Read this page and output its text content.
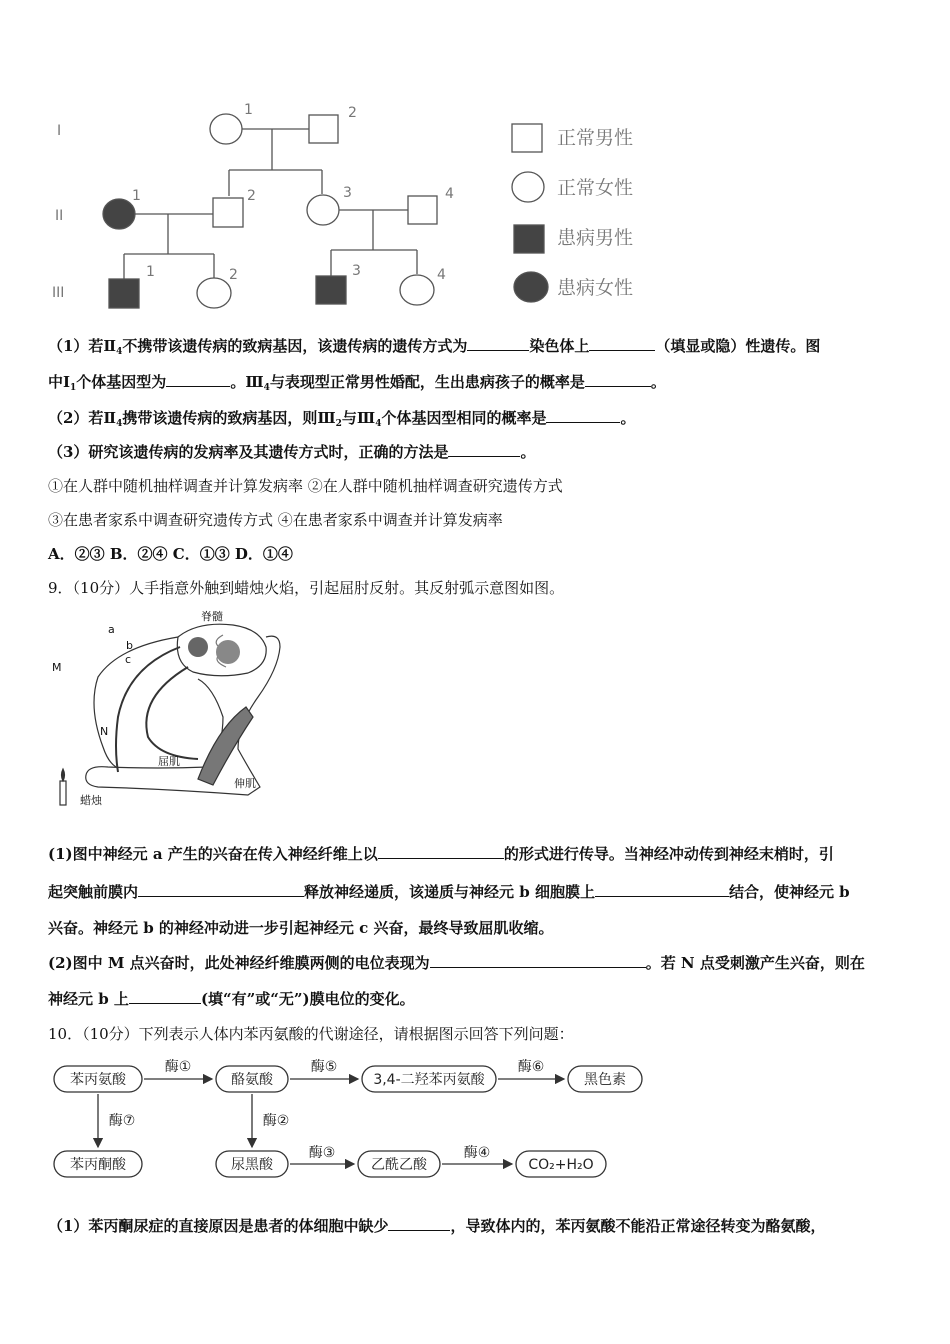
I
II
III
1	2
1	2	3	4
1	2	3	4
正常男性
正常女性
患病男性
患病女性
（1）若$Ⅱ_4$不携带该遗传病的致病基因，该遗传病的遗传方式为	染色体上	（填显或隐）性遗传。图
中$Ⅰ_1$个体基因型为	。$Ⅲ_4$与表现型正常男性婚配，生出患病孩子的概率是	。
（2）若$Ⅱ_4$携带该遗传病的致病基因，则$Ⅲ_2$与$Ⅲ_4$个体基因型相同的概率是	。
（3）研究该遗传病的发病率及其遗传方式时，正确的方法是	。
①在人群中随机抽样调查并计算发病率 ②在人群中随机抽样调查研究遗传方式
③在患者家系中调查研究遗传方式 ④在患者家系中调查并计算发病率
A．②③ B．②④ C．①③ D．①④
9．（10分）人手指意外触到蜡烛火焰，引起屈肘反射。其反射弧示意图如图。
脊髓
a
b
c
M
N
屈肌
伸肌
蜡烛
(1)图中神经元 a 产生的兴奋在传入神经纤维上以	的形式进行传导。当神经冲动传到神经末梢时，引
起突触前膜内	释放神经递质，该递质与神经元 b 细胞膜上	结合，使神经元 b
兴奋。神经元 b 的神经冲动进一步引起神经元 c 兴奋，最终导致屈肌收缩。
(2)图中 M 点兴奋时，此处神经纤维膜两侧的电位表现为	。若 N 点受刺激产生兴奋，则在
神经元 b 上	(填“有”或“无”)膜电位的变化。
10．（10分）下列表示人体内苯丙氨酸的代谢途径，请根据图示回答下列问题：
苯丙氨酸	酪氨酸	3,4-二羟苯丙氨酸	黑色素
苯丙酮酸	尿黑酸	乙酰乙酸	CO₂+H₂O
酶①	酶⑤	酶⑥
酶⑦	酶②
酶③	酶④
（1）苯丙酮尿症的直接原因是患者的体细胞中缺少	，导致体内的，苯丙氨酸不能沿正常途径转变为酪氨酸，
